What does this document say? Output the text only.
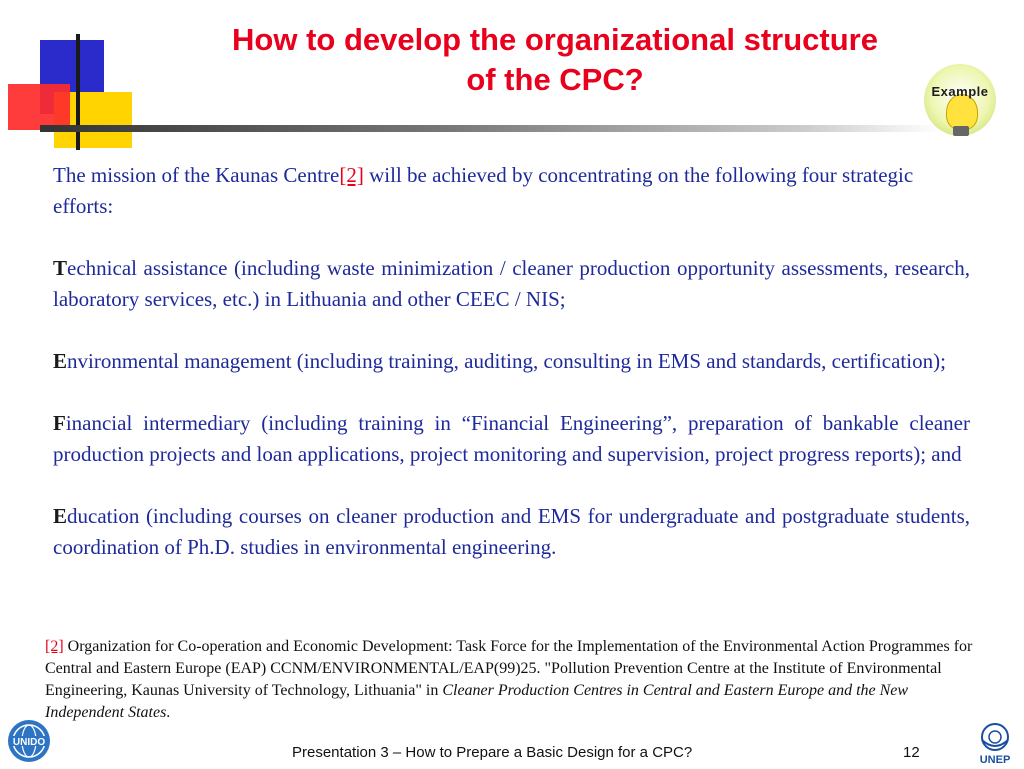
How to develop the organizational structure
of the CPC?	Example

The mission of the Kaunas Centre[2] will be achieved by concentrating on the following four strategic efforts:

Technical assistance (including waste minimization / cleaner production opportunity assessments, research, laboratory services, etc.) in Lithuania and other CEEC / NIS;

Environmental management (including training, auditing, consulting in EMS and standards, certification);

Financial intermediary (including training in “Financial Engineering”, preparation of bankable cleaner production projects and loan applications, project monitoring and supervision, project progress reports); and

Education (including courses on cleaner production and EMS for undergraduate and postgraduate students, coordination of Ph.D. studies in environmental engineering.

[2] Organization for Co-operation and Economic Development: Task Force for the Implementation of the Environmental Action Programmes for Central and Eastern Europe (EAP) CCNM/ENVIRONMENTAL/EAP(99)25. "Pollution Prevention Centre at the Institute of Environmental Engineering, Kaunas University of Technology, Lithuania" in Cleaner Production Centres in Central and Eastern Europe and the New Independent States.

UNIDO
Presentation 3 – How to Prepare a Basic Design for a CPC?	12	UNEP
